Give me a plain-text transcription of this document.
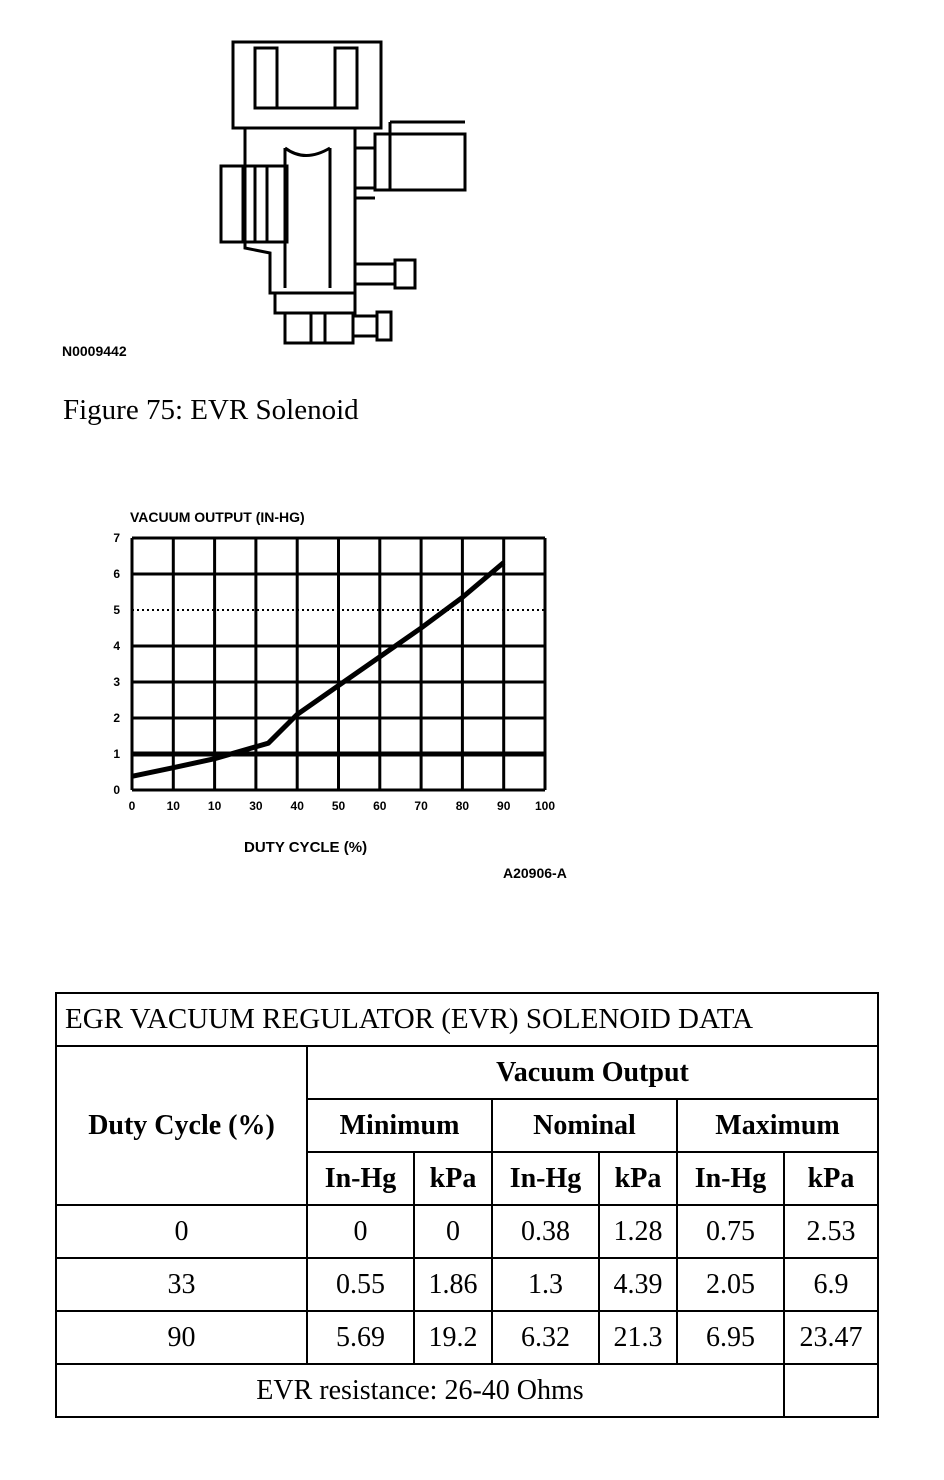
N0009442
Figure 75: EVR Solenoid
VACUUM OUTPUT (IN-HG)
0
1
2
3
4
5
6
7
0	10 10 30 40 50 60 70 80 90 100
DUTY CYCLE (%)
A20906-A
EGR VACUUM REGULATOR (EVR) SOLENOID DATA						
Duty Cycle (%)	Vacuum Output					
	Minimum		Nominal		Maximum	
	In-Hg	kPa	In-Hg	kPa	In-Hg	kPa
0	0	0	0.38	1.28	0.75	2.53
33	0.55	1.86	1.3	4.39	2.05	6.9
90	5.69	19.2	6.32	21.3	6.95	23.47
EVR resistance: 26-40 Ohms						
